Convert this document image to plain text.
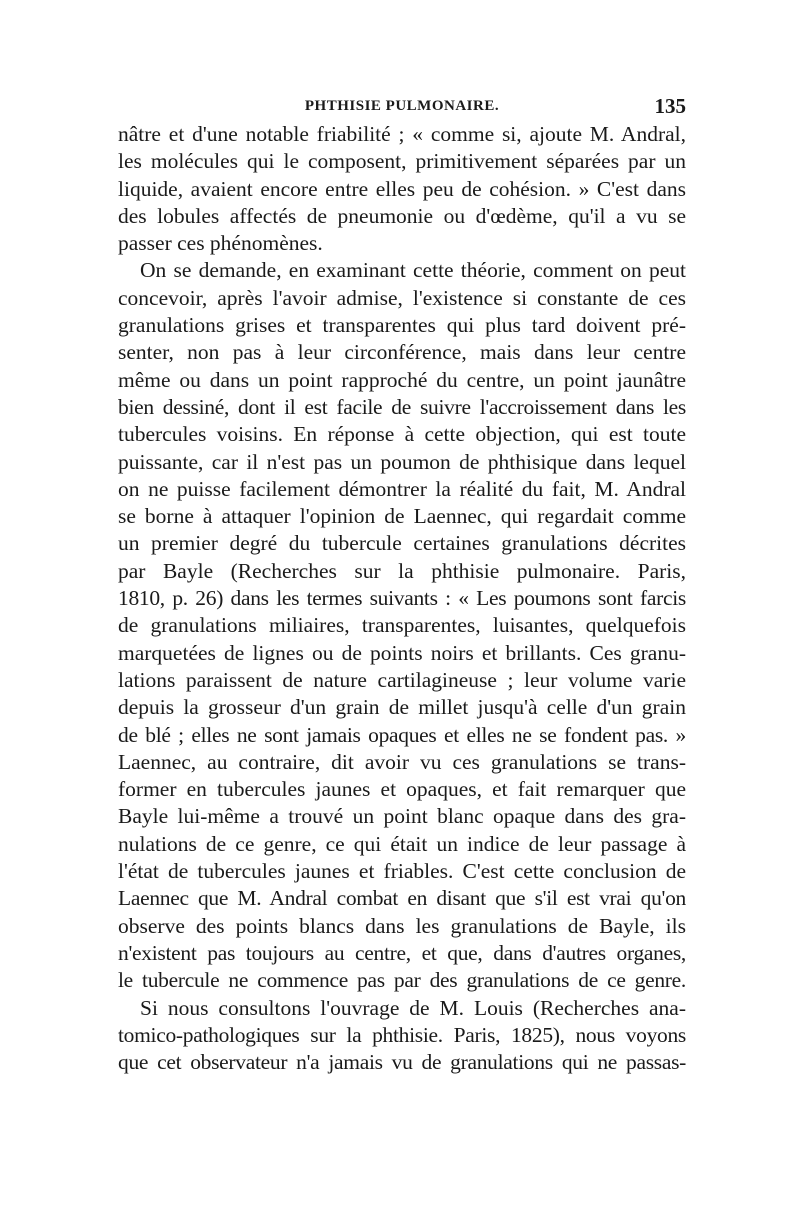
PHTHISIE PULMONAIRE.	135
nâtre et d'une notable friabilité ; « comme si, ajoute M. Andral,
les molécules qui le composent, primitivement séparées par un
liquide, avaient encore entre elles peu de cohésion. » C'est dans
des lobules affectés de pneumonie ou d'œdème, qu'il a vu se
passer ces phénomènes.
On se demande, en examinant cette théorie, comment on peut
concevoir, après l'avoir admise, l'existence si constante de ces
granulations grises et transparentes qui plus tard doivent pré-
senter, non pas à leur circonférence, mais dans leur centre
même ou dans un point rapproché du centre, un point jaunâtre
bien dessiné, dont il est facile de suivre l'accroissement dans les
tubercules voisins. En réponse à cette objection, qui est toute
puissante, car il n'est pas un poumon de phthisique dans lequel
on ne puisse facilement démontrer la réalité du fait, M. Andral
se borne à attaquer l'opinion de Laennec, qui regardait comme
un premier degré du tubercule certaines granulations décrites
par Bayle (Recherches sur la phthisie pulmonaire. Paris,
1810, p. 26) dans les termes suivants : « Les poumons sont farcis
de granulations miliaires, transparentes, luisantes, quelquefois
marquetées de lignes ou de points noirs et brillants. Ces granu-
lations paraissent de nature cartilagineuse ; leur volume varie
depuis la grosseur d'un grain de millet jusqu'à celle d'un grain
de blé ; elles ne sont jamais opaques et elles ne se fondent pas. »
Laennec, au contraire, dit avoir vu ces granulations se trans-
former en tubercules jaunes et opaques, et fait remarquer que
Bayle lui-même a trouvé un point blanc opaque dans des gra-
nulations de ce genre, ce qui était un indice de leur passage à
l'état de tubercules jaunes et friables. C'est cette conclusion de
Laennec que M. Andral combat en disant que s'il est vrai qu'on
observe des points blancs dans les granulations de Bayle, ils
n'existent pas toujours au centre, et que, dans d'autres organes,
le tubercule ne commence pas par des granulations de ce genre.
Si nous consultons l'ouvrage de M. Louis (Recherches ana-
tomico-pathologiques sur la phthisie. Paris, 1825), nous voyons
que cet observateur n'a jamais vu de granulations qui ne passas-
